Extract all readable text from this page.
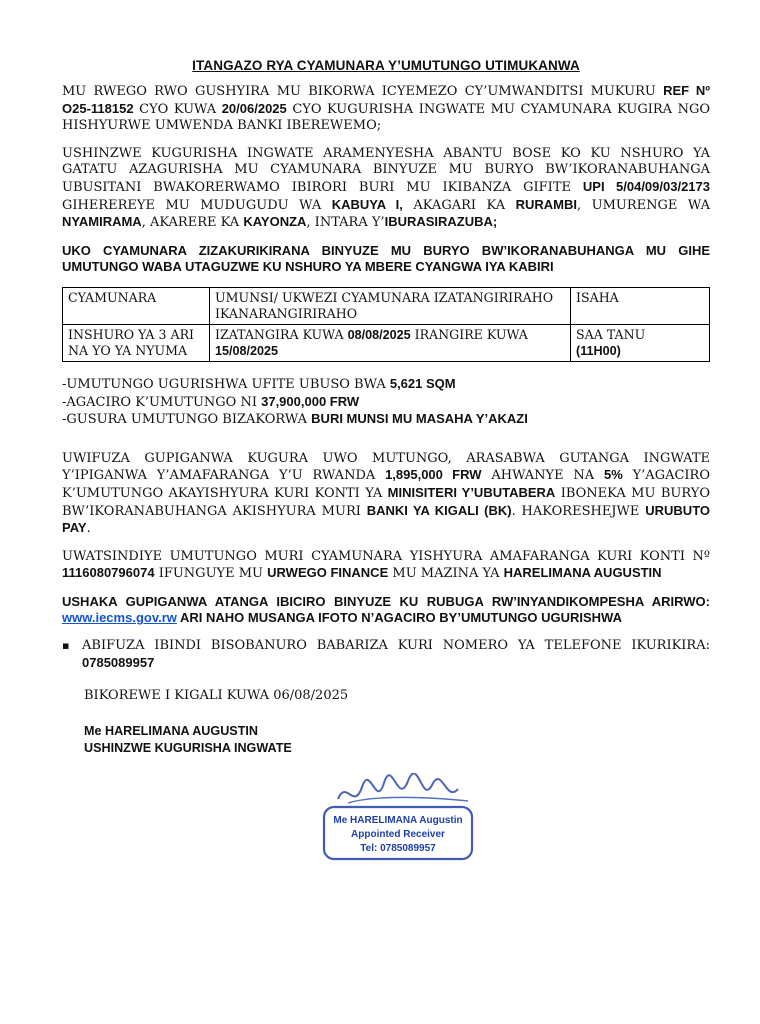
ITANGAZO RYA CYAMUNARA Y’UMUTUNGO UTIMUKANWA

MU RWEGO RWO GUSHYIRA MU BIKORWA ICYEMEZO CY’UMWANDITSI MUKURU REF Nº O25-118152 CYO KUWA 20/06/2025 CYO KUGURISHA INGWATE MU CYAMUNARA KUGIRA NGO HISHYURWE UMWENDA BANKI IBEREWEMO;

USHINZWE KUGURISHA INGWATE ARAMENYESHA ABANTU BOSE KO KU NSHURO YA GATATU AZAGURISHA MU CYAMUNARA BINYUZE MU BURYO BW’IKORANABUHANGA UBUSITANI BWAKORERWAMO IBIRORI BURI MU IKIBANZA GIFITE UPI 5/04/09/03/2173 GIHEREREYE MU MUDUGUDU WA KABUYA I, AKAGARI KA RURAMBI, UMURENGE WA NYAMIRAMA, AKARERE KA KAYONZA, INTARA Y’IBURASIRAZUBA;

UKO CYAMUNARA ZIZAKURIKIRANA BINYUZE MU BURYO BW’IKORANABUHANGA MU GIHE UMUTUNGO WABA UTAGUZWE KU NSHURO YA MBERE CYANGWA IYA KABIRI

CYAMUNARA	UMUNSI/ UKWEZI CYAMUNARA IZATANGIRIRAHO IKANARANGIRIRAHO	ISAHA
INSHURO YA 3 ARI NA YO YA NYUMA	IZATANGIRA KUWA 08/08/2025 IRANGIRE KUWA 15/08/2025	SAA TANU
(11H00)
-UMUTUNGO UGURISHWA UFITE UBUSO BWA 5,621 SQM
-AGACIRO K’UMUTUNGO NI 37,900,000 FRW
-GUSURA UMUTUNGO BIZAKORWA BURI MUNSI MU MASAHA Y’AKAZI

UWIFUZA GUPIGANWA KUGURA UWO MUTUNGO, ARASABWA GUTANGA INGWATE Y’IPIGANWA Y’AMAFARANGA Y’U RWANDA 1,895,000 FRW AHWANYE NA 5% Y’AGACIRO K’UMUTUNGO AKAYISHYURA KURI KONTI YA MINISITERI Y’UBUTABERA IBONEKA MU BURYO BW’IKORANABUHANGA AKISHYURA MURI BANKI YA KIGALI (BK). HAKORESHEJWE URUBUTO PAY.

UWATSINDIYE UMUTUNGO MURI CYAMUNARA YISHYURA AMAFARANGA KURI KONTI Nº 1116080796074 IFUNGUYE MU URWEGO FINANCE MU MAZINA YA HARELIMANA AUGUSTIN

USHAKA GUPIGANWA ATANGA IBICIRO BINYUZE KU RUBUGA RW’INYANDIKOMPESHA ARIRWO: www.iecms.gov.rw ARI NAHO MUSANGA IFOTO N’AGACIRO BY’UMUTUNGO UGURISHWA

▪ ABIFUZA IBINDI BISOBANURO BABARIZA KURI NOMERO YA TELEFONE IKURIKIRA: 0785089957
BIKOREWE I KIGALI KUWA 06/08/2025
Me HARELIMANA AUGUSTIN
USHINZWE KUGURISHA INGWATE
Me HARELIMANA Augustin
Appointed Receiver
Tel: 0785089957
